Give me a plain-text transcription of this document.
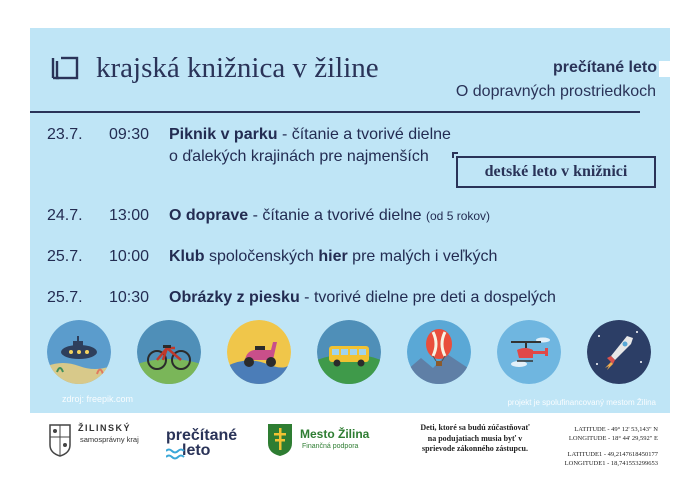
krajská knižnica v žiline	prečítané leto
O dopravných prostriedkoch
23.7. 09:30 Piknik v parku - čítanie a tvorivé dielne
o ďalekých krajinách pre najmenších
detské leto v knižnici
24.7. 13:00 O doprave - čítanie a tvorivé dielne (od 5 rokov)
25.7. 10:00 Klub spoločenských hier pre malých i veľkých
25.7. 10:30 Obrázky z piesku - tvorivé dielne pre deti a dospelých
zdroj: freepik.com	projekt je spolufinancovaný mestom Žilina
ŽILINSKÝ
samosprávny kraj prečítané
leto
Mesto Žilina
Finančná podpora
Deti, ktoré sa budú zúčastňovať na podujatiach musia byť v sprievode zákonného zástupcu.
LATITUDE - 49° 12' 53,143" N
LONGITUDE - 18° 44' 29,592" E
LATITUDE1 - 49,2147618450177
LONGITUDE1 - 18,741553299653
